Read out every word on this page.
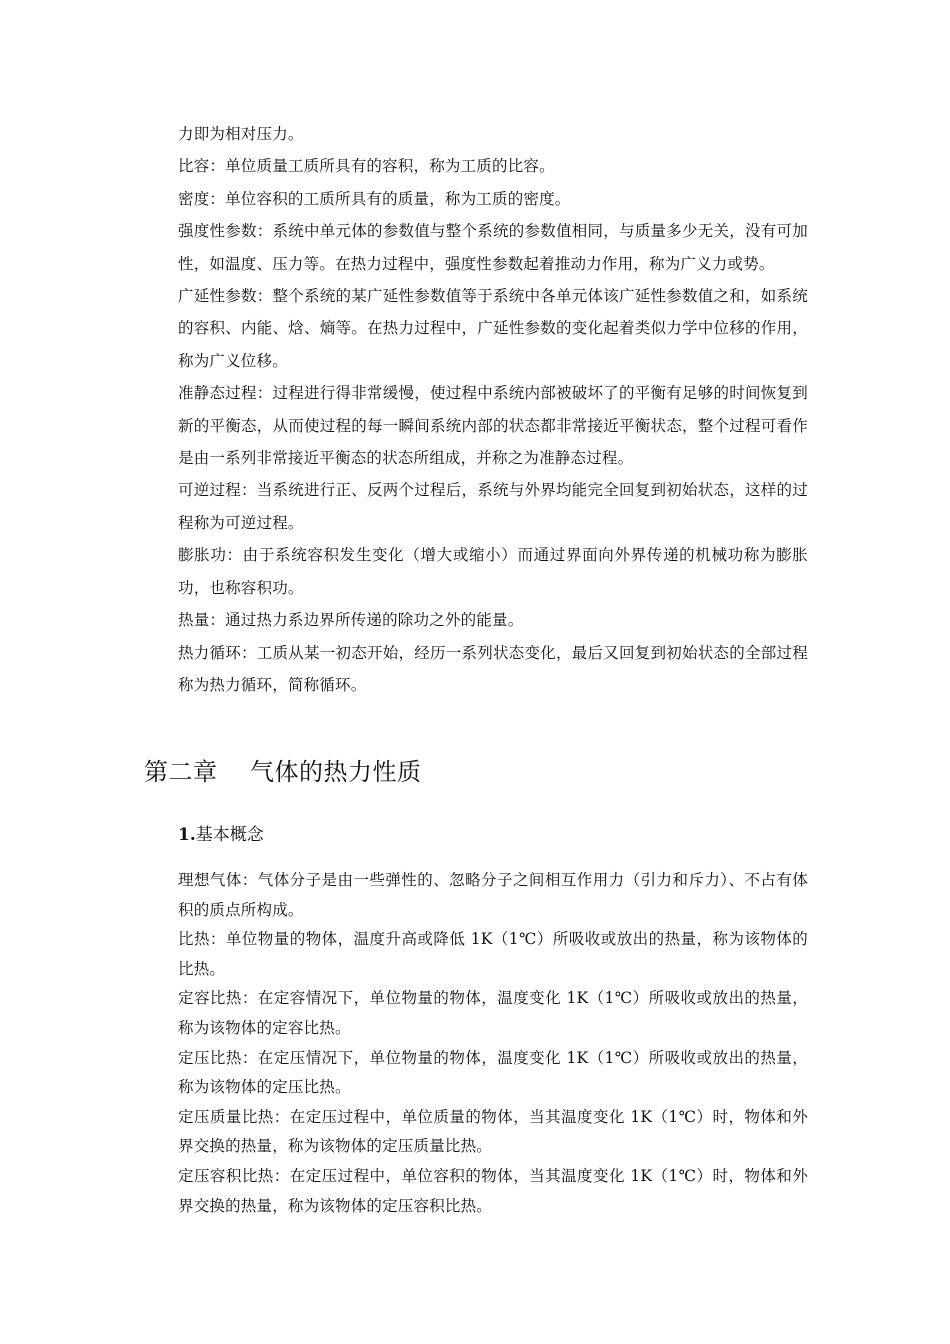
力即为相对压力。

比容：单位质量工质所具有的容积，称为工质的比容。

密度：单位容积的工质所具有的质量，称为工质的密度。

强度性参数：系统中单元体的参数值与整个系统的参数值相同，与质量多少无关，没有可加性，如温度、压力等。在热力过程中，强度性参数起着推动力作用，称为广义力或势。

广延性参数：整个系统的某广延性参数值等于系统中各单元体该广延性参数值之和，如系统的容积、内能、焓、熵等。在热力过程中，广延性参数的变化起着类似力学中位移的作用，称为广义位移。

准静态过程：过程进行得非常缓慢，使过程中系统内部被破坏了的平衡有足够的时间恢复到新的平衡态，从而使过程的每一瞬间系统内部的状态都非常接近平衡状态，整个过程可看作是由一系列非常接近平衡态的状态所组成，并称之为准静态过程。

可逆过程：当系统进行正、反两个过程后，系统与外界均能完全回复到初始状态，这样的过程称为可逆过程。

膨胀功：由于系统容积发生变化（增大或缩小）而通过界面向外界传递的机械功称为膨胀功，也称容积功。

热量：通过热力系边界所传递的除功之外的能量。

热力循环：工质从某一初态开始，经历一系列状态变化，最后又回复到初始状态的全部过程称为热力循环，简称循环。

第二章    气体的热力性质
1.基本概念

理想气体：气体分子是由一些弹性的、忽略分子之间相互作用力（引力和斥力）、不占有体积的质点所构成。

比热：单位物量的物体，温度升高或降低 1K（1℃）所吸收或放出的热量，称为该物体的比热。

定容比热：在定容情况下，单位物量的物体，温度变化 1K（1℃）所吸收或放出的热量，称为该物体的定容比热。

定压比热：在定压情况下，单位物量的物体，温度变化 1K（1℃）所吸收或放出的热量，称为该物体的定压比热。

定压质量比热：在定压过程中，单位质量的物体，当其温度变化 1K（1℃）时，物体和外界交换的热量，称为该物体的定压质量比热。

定压容积比热：在定压过程中，单位容积的物体，当其温度变化 1K（1℃）时，物体和外界交换的热量，称为该物体的定压容积比热。
